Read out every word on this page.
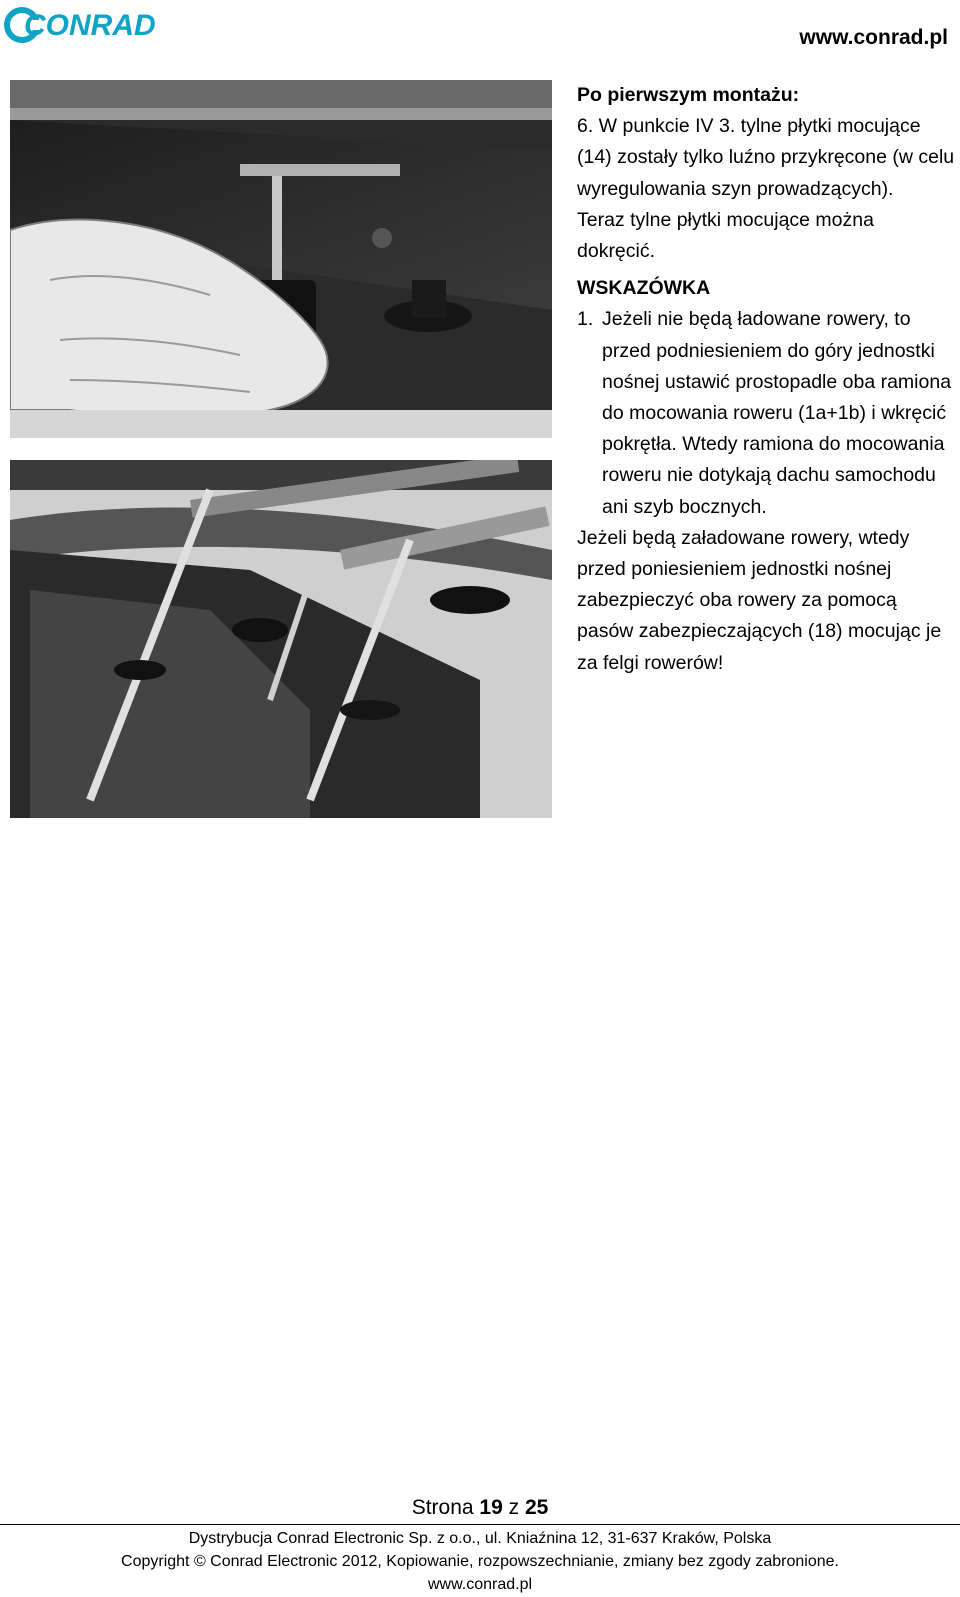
CONRAD	www.conrad.pl

Po pierwszym montażu:

6. W punkcie IV 3. tylne płytki mocujące (14) zostały tylko luźno przykręcone (w celu wyregulowania szyn prowadzących).

Teraz tylne płytki mocujące można dokręcić.

WSKAZÓWKA

1. Jeżeli nie będą ładowane rowery, to przed podniesieniem do góry jednostki nośnej ustawić prostopadle oba ramiona do mocowania roweru (1a+1b) i wkręcić pokrętła. Wtedy ramiona do mocowania roweru nie dotykają dachu samochodu ani szyb bocznych.

Jeżeli będą załadowane rowery, wtedy przed poniesieniem jednostki nośnej zabezpieczyć oba rowery za pomocą pasów zabezpieczających (18) mocując je za felgi rowerów!

Strona 19 z 25
Dystrybucja Conrad Electronic Sp. z o.o., ul. Kniaźnina 12, 31-637 Kraków, Polska
Copyright © Conrad Electronic 2012, Kopiowanie, rozpowszechnianie, zmiany bez zgody zabronione.
www.conrad.pl
